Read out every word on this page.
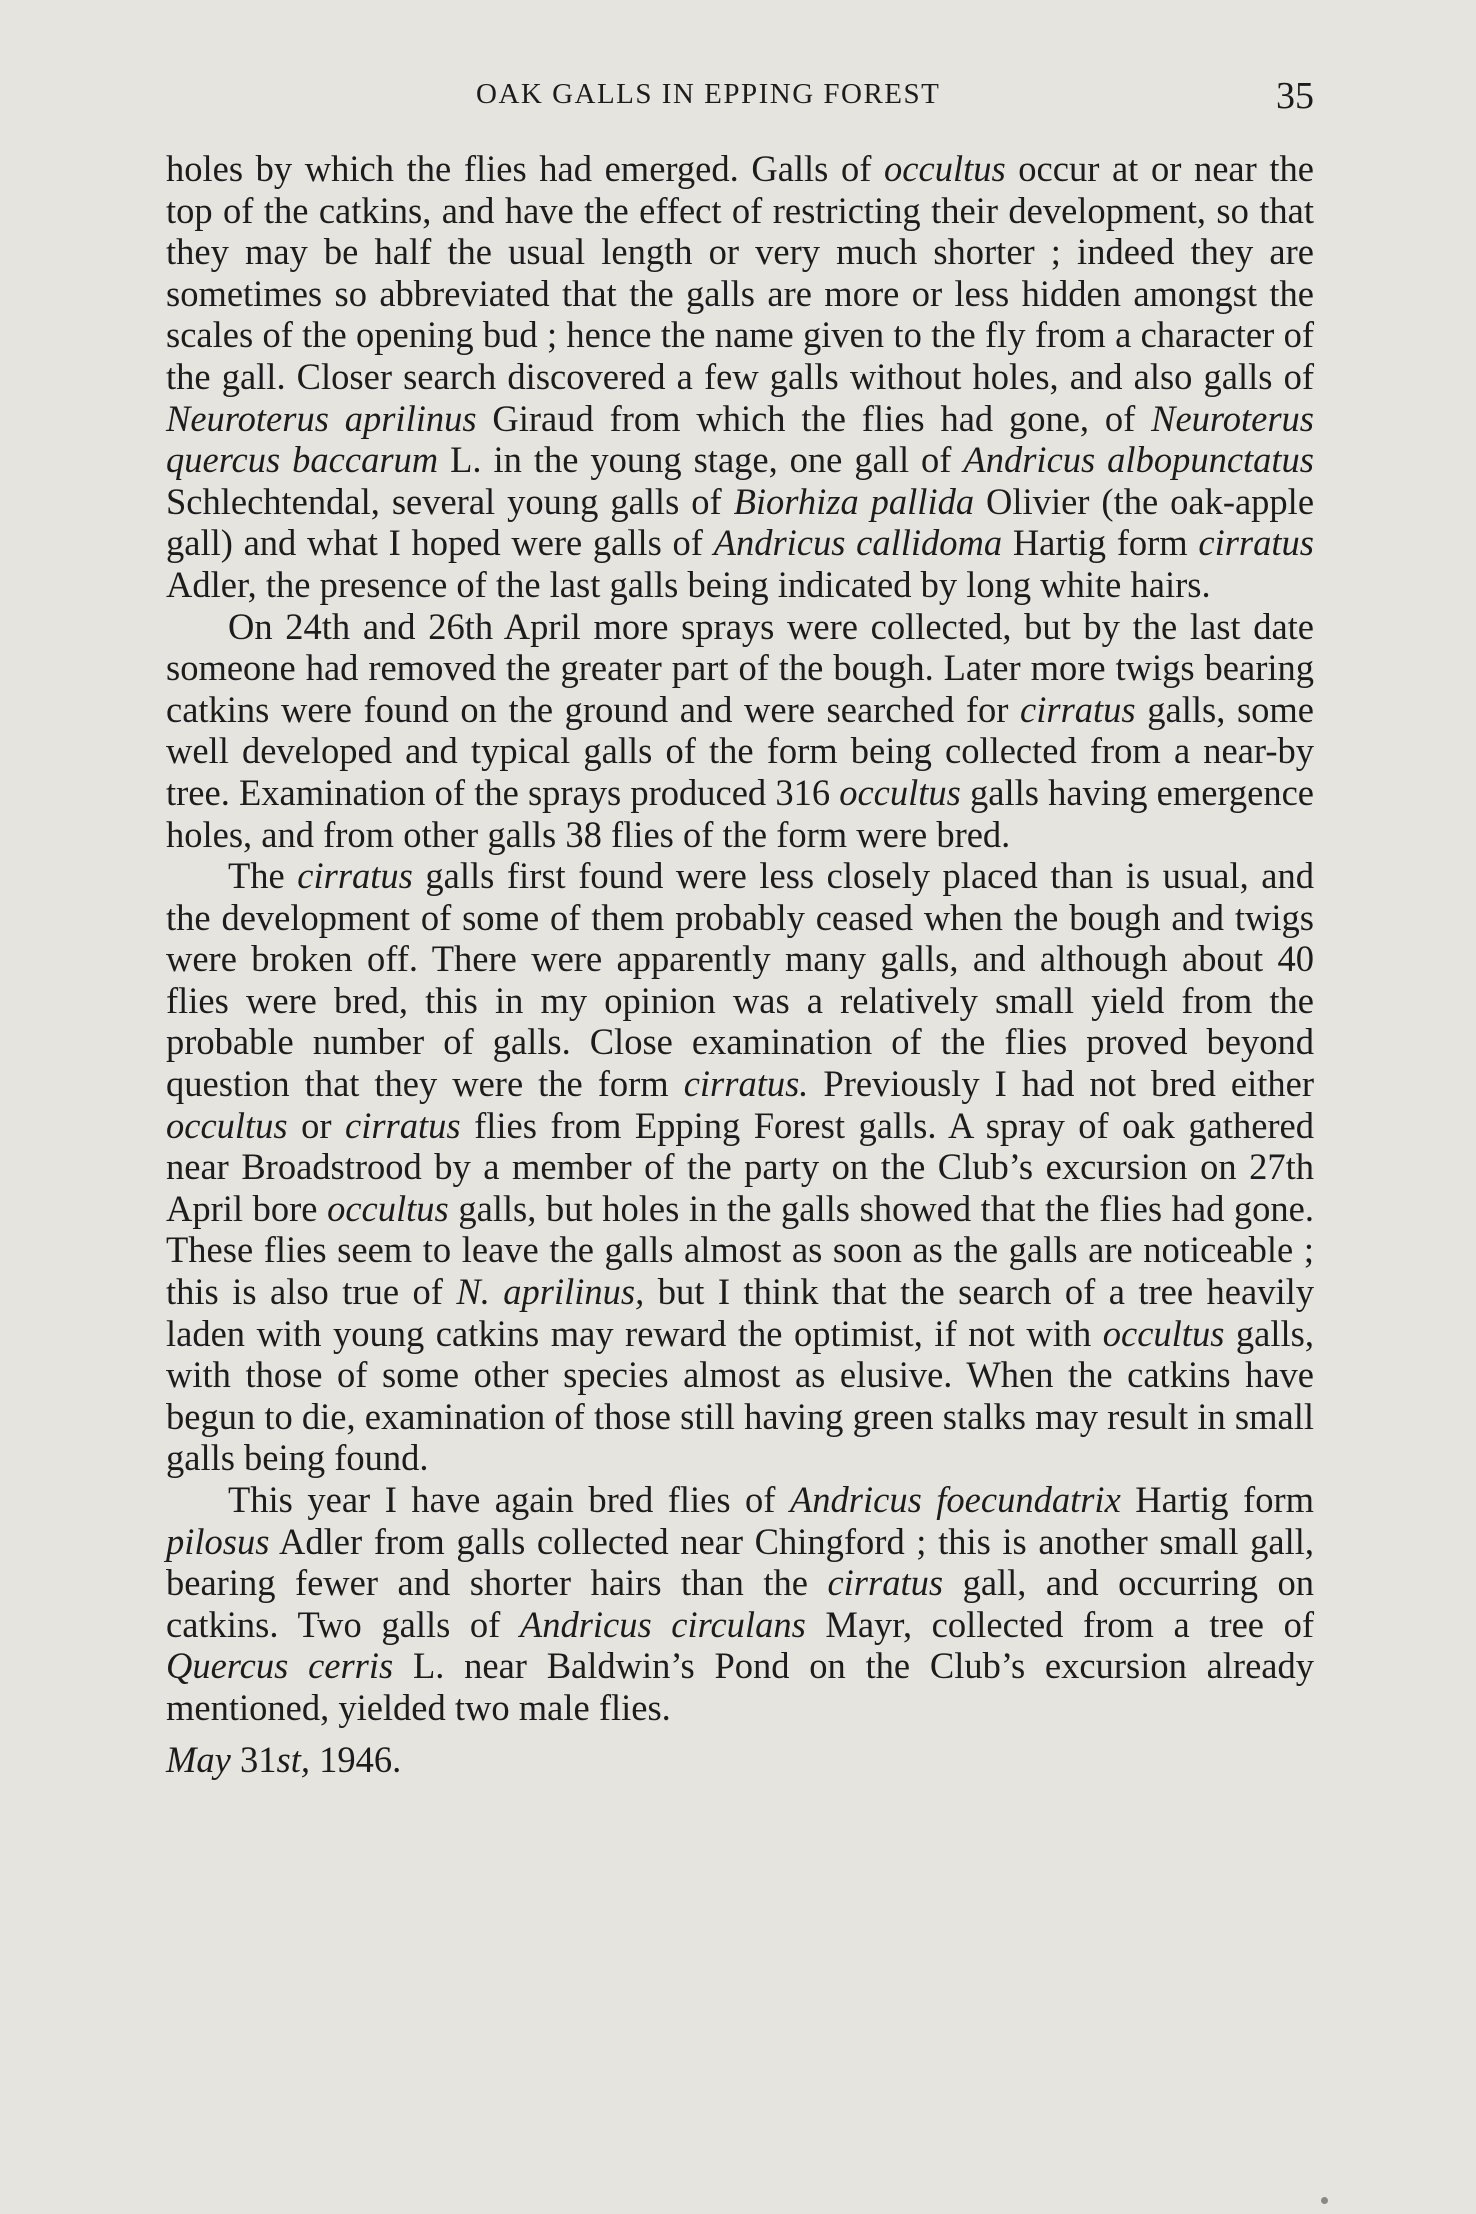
OAK GALLS IN EPPING FOREST	35

holes by which the flies had emerged. Galls of occultus occur at or near the top of the catkins, and have the effect of restricting their development, so that they may be half the usual length or very much shorter ; indeed they are sometimes so abbreviated that the galls are more or less hidden amongst the scales of the opening bud ; hence the name given to the fly from a character of the gall. Closer search discovered a few galls without holes, and also galls of Neuroterus aprilinus Giraud from which the flies had gone, of Neuroterus quercus baccarum L. in the young stage, one gall of Andricus albopunctatus Schlechtendal, several young galls of Biorhiza pallida Olivier (the oak-apple gall) and what I hoped were galls of Andricus callidoma Hartig form cirratus Adler, the presence of the last galls being indicated by long white hairs.

On 24th and 26th April more sprays were collected, but by the last date someone had removed the greater part of the bough. Later more twigs bearing catkins were found on the ground and were searched for cirratus galls, some well developed and typical galls of the form being collected from a near-by tree. Examination of the sprays produced 316 occultus galls having emergence holes, and from other galls 38 flies of the form were bred.

The cirratus galls first found were less closely placed than is usual, and the development of some of them probably ceased when the bough and twigs were broken off. There were apparently many galls, and although about 40 flies were bred, this in my opinion was a relatively small yield from the probable number of galls. Close examination of the flies proved beyond question that they were the form cirratus. Previously I had not bred either occultus or cirratus flies from Epping Forest galls. A spray of oak gathered near Broadstrood by a member of the party on the Club’s excursion on 27th April bore occultus galls, but holes in the galls showed that the flies had gone. These flies seem to leave the galls almost as soon as the galls are noticeable ; this is also true of N. aprilinus, but I think that the search of a tree heavily laden with young catkins may reward the optimist, if not with occultus galls, with those of some other species almost as elusive. When the catkins have begun to die, examination of those still having green stalks may result in small galls being found.

This year I have again bred flies of Andricus foecundatrix Hartig form pilosus Adler from galls collected near Chingford ; this is another small gall, bearing fewer and shorter hairs than the cirratus gall, and occurring on catkins. Two galls of Andricus circulans Mayr, collected from a tree of Quercus cerris L. near Baldwin’s Pond on the Club’s excursion already mentioned, yielded two male flies.

May 31st, 1946.
